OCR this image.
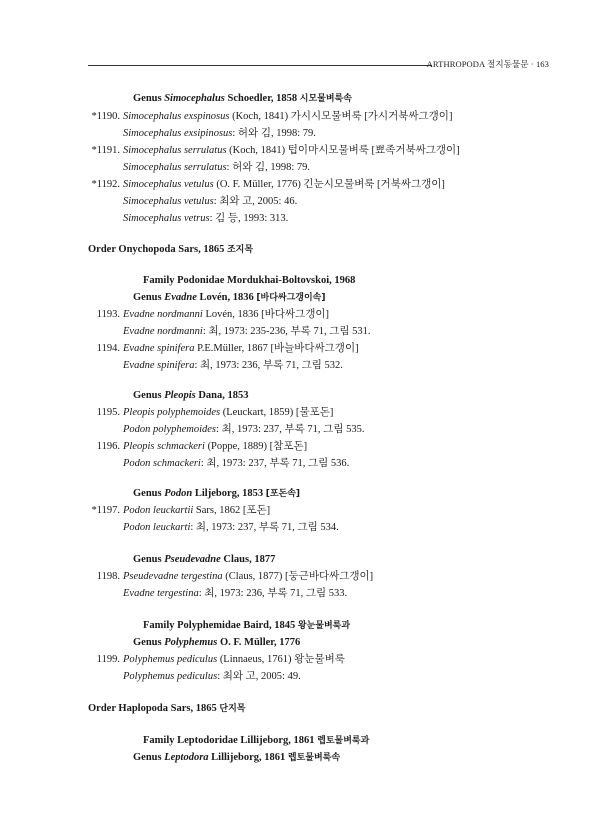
ARTHROPODA 절지동물문 · 163
Genus Simocephalus Schoedler, 1858 시모물벼룩속
*1190. Simocephalus exspinosus (Koch, 1841) 가시시모물벼룩 [가시거북싸그갱이]
Simocephalus exsipinosus: 허와 김, 1998: 79.
*1191. Simocephalus serrulatus (Koch, 1841) 텁이마시모물벼룩 [뾰족거북싸그갱이]
Simocephalus serrulatus: 허와 김, 1998: 79.
*1192. Simocephalus vetulus (O. F. Müller, 1776) 긴눈시모물벼룩 [거북싸그갱이]
Simocephalus vetulus: 최와 고, 2005: 46.
Simocephalus vetrus: 김 등, 1993: 313.
Order Onychopoda Sars, 1865 조지목
Family Podonidae Mordukhai-Boltovskoi, 1968
Genus Evadne Lovén, 1836 [바다싸그갱이속]
1193. Evadne nordmanni Lovén, 1836 [바다싸그갱이]
Evadne nordmanni: 최, 1973: 235-236, 부록 71, 그림 531.
1194. Evadne spinifera P.E.Müller, 1867 [바늘바다싸그갱이]
Evadne spinifera: 최, 1973: 236, 부록 71, 그림 532.
Genus Pleopis Dana, 1853
1195. Pleopis polyphemoides (Leuckart, 1859) [물포돈]
Podon polyphemoides: 최, 1973: 237, 부록 71, 그림 535.
1196. Pleopis schmackeri (Poppe, 1889) [참포돈]
Podon schmackeri: 최, 1973: 237, 부록 71, 그림 536.
Genus Podon Liljeborg, 1853 [포돈속]
*1197. Podon leuckartii Sars, 1862 [포돈]
Podon leuckarti: 최, 1973: 237, 부록 71, 그림 534.
Genus Pseudevadne Claus, 1877
1198. Pseudevadne tergestina (Claus, 1877) [둥근바다싸그갱이]
Evadne tergestina: 최, 1973: 236, 부록 71, 그림 533.
Family Polyphemidae Baird, 1845 왕눈물벼룩과
Genus Polyphemus O. F. Müller, 1776
1199. Polyphemus pediculus (Linnaeus, 1761) 왕눈물벼룩
Polyphemus pediculus: 최와 고, 2005: 49.
Order Haplopoda Sars, 1865 단지목
Family Leptodoridae Lillijeborg, 1861 렙토물벼룩과
Genus Leptodora Lillijeborg, 1861 렙토물벼룩속
